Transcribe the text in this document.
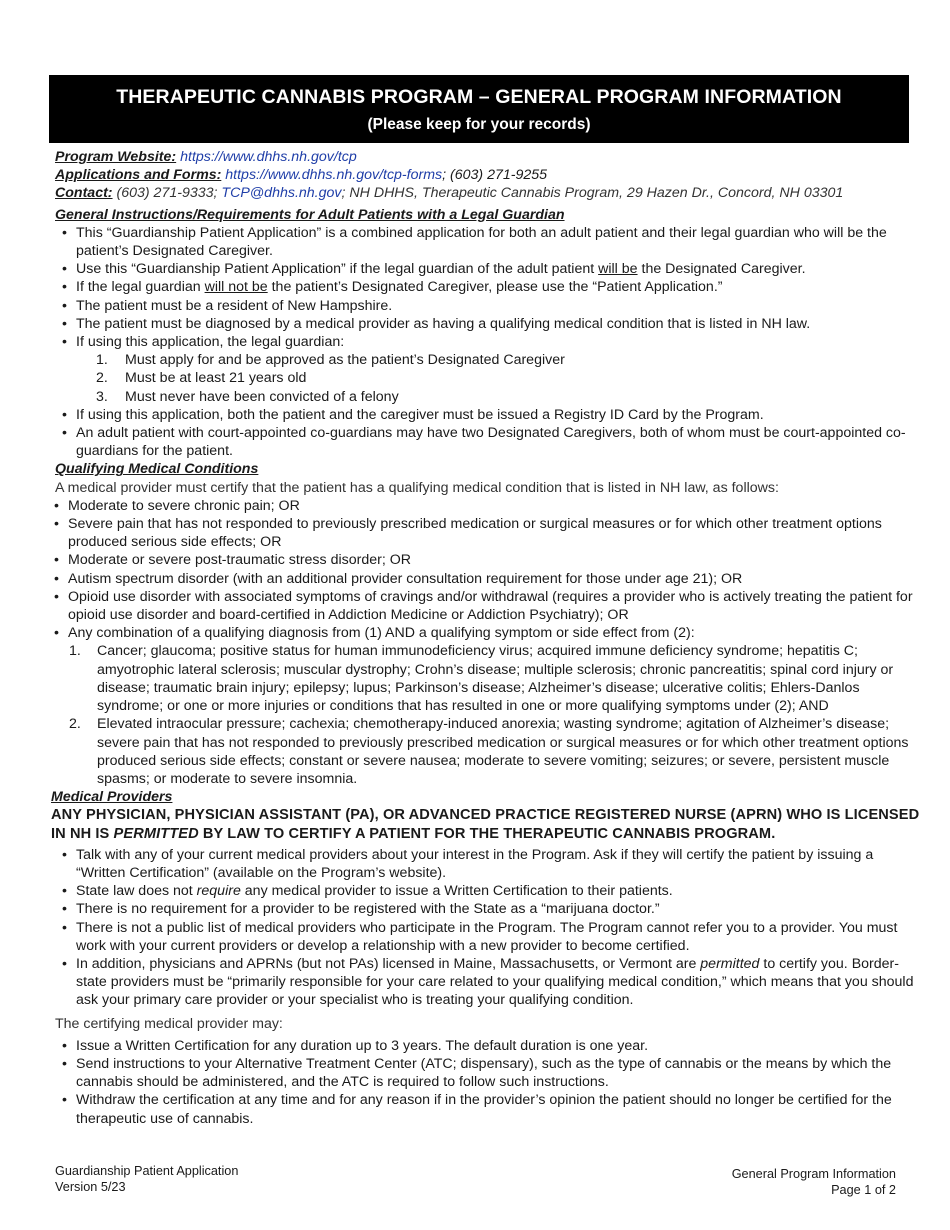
THERAPEUTIC CANNABIS PROGRAM – GENERAL PROGRAM INFORMATION
(Please keep for your records)
Program Website: https://www.dhhs.nh.gov/tcp
Applications and Forms: https://www.dhhs.nh.gov/tcp-forms; (603) 271-9255
Contact: (603) 271-9333; TCP@dhhs.nh.gov; NH DHHS, Therapeutic Cannabis Program, 29 Hazen Dr., Concord, NH 03301
General Instructions/Requirements for Adult Patients with a Legal Guardian
• This “Guardianship Patient Application” is a combined application for both an adult patient and their legal guardian who will be the patient’s Designated Caregiver.
• Use this “Guardianship Patient Application” if the legal guardian of the adult patient will be the Designated Caregiver.
• If the legal guardian will not be the patient’s Designated Caregiver, please use the “Patient Application.”
• The patient must be a resident of New Hampshire.
• The patient must be diagnosed by a medical provider as having a qualifying medical condition that is listed in NH law.
• If using this application, the legal guardian:
1. Must apply for and be approved as the patient’s Designated Caregiver
2. Must be at least 21 years old
3. Must never have been convicted of a felony
• If using this application, both the patient and the caregiver must be issued a Registry ID Card by the Program.
• An adult patient with court-appointed co-guardians may have two Designated Caregivers, both of whom must be court-appointed co-guardians for the patient.
Qualifying Medical Conditions
A medical provider must certify that the patient has a qualifying medical condition that is listed in NH law, as follows:
• Moderate to severe chronic pain; OR
• Severe pain that has not responded to previously prescribed medication or surgical measures or for which other treatment options produced serious side effects; OR
• Moderate or severe post-traumatic stress disorder; OR
• Autism spectrum disorder (with an additional provider consultation requirement for those under age 21); OR
• Opioid use disorder with associated symptoms of cravings and/or withdrawal (requires a provider who is actively treating the patient for opioid use disorder and board-certified in Addiction Medicine or Addiction Psychiatry); OR
• Any combination of a qualifying diagnosis from (1) AND a qualifying symptom or side effect from (2):
1. Cancer; glaucoma; positive status for human immunodeficiency virus; acquired immune deficiency syndrome; hepatitis C; amyotrophic lateral sclerosis; muscular dystrophy; Crohn’s disease; multiple sclerosis; chronic pancreatitis; spinal cord injury or disease; traumatic brain injury; epilepsy; lupus; Parkinson’s disease; Alzheimer’s disease; ulcerative colitis; Ehlers-Danlos syndrome; or one or more injuries or conditions that has resulted in one or more qualifying symptoms under (2); AND
2. Elevated intraocular pressure; cachexia; chemotherapy-induced anorexia; wasting syndrome; agitation of Alzheimer’s disease; severe pain that has not responded to previously prescribed medication or surgical measures or for which other treatment options produced serious side effects; constant or severe nausea; moderate to severe vomiting; seizures; or severe, persistent muscle spasms; or moderate to severe insomnia.
Medical Providers
ANY PHYSICIAN, PHYSICIAN ASSISTANT (PA), OR ADVANCED PRACTICE REGISTERED NURSE (APRN) WHO IS LICENSED IN NH IS PERMITTED BY LAW TO CERTIFY A PATIENT FOR THE THERAPEUTIC CANNABIS PROGRAM.
• Talk with any of your current medical providers about your interest in the Program. Ask if they will certify the patient by issuing a “Written Certification” (available on the Program’s website).
• State law does not require any medical provider to issue a Written Certification to their patients.
• There is no requirement for a provider to be registered with the State as a “marijuana doctor.”
• There is not a public list of medical providers who participate in the Program. The Program cannot refer you to a provider. You must work with your current providers or develop a relationship with a new provider to become certified.
• In addition, physicians and APRNs (but not PAs) licensed in Maine, Massachusetts, or Vermont are permitted to certify you. Border-state providers must be “primarily responsible for your care related to your qualifying medical condition,” which means that you should ask your primary care provider or your specialist who is treating your qualifying condition.
The certifying medical provider may:
• Issue a Written Certification for any duration up to 3 years. The default duration is one year.
• Send instructions to your Alternative Treatment Center (ATC; dispensary), such as the type of cannabis or the means by which the cannabis should be administered, and the ATC is required to follow such instructions.
• Withdraw the certification at any time and for any reason if in the provider’s opinion the patient should no longer be certified for the therapeutic use of cannabis.
Guardianship Patient Application
Version 5/23
General Program Information
Page 1 of 2
